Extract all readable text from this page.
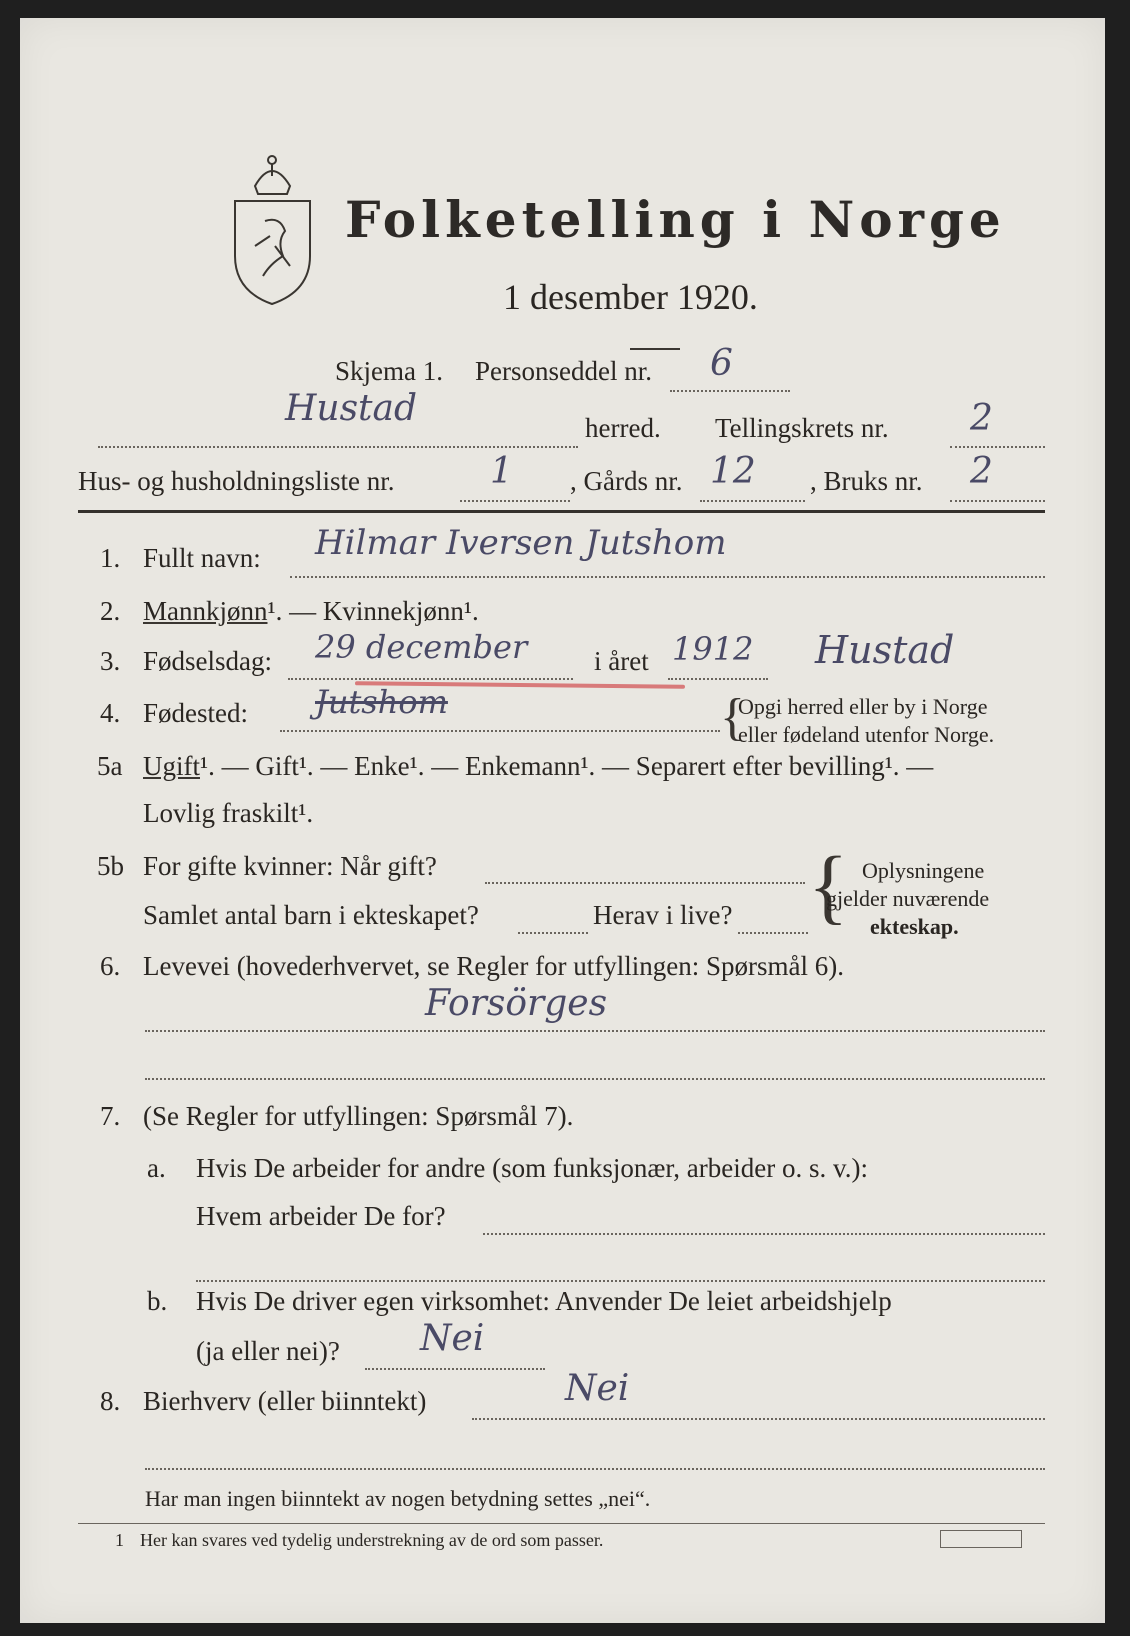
Folketelling i Norge
1 desember 1920.
Skjema 1. Personseddel nr. 6
Hustad	herred. Tellingskrets nr. 2
Hus- og husholdningsliste nr.	1 , Gårds nr. 12 , Bruks nr. 2
1. Fullt navn: Hilmar Iversen Jutshom
2. Mannkjønn¹. — Kvinnekjønn¹.
3. Fødselsdag: 29 december i året 1912 Hustad
4. Fødested: Jutshom	{
Opgi herred eller by i Norge
eller fødeland utenfor Norge.
5a Ugift¹. — Gift¹. — Enke¹. — Enkemann¹. — Separert efter bevilling¹. —
Lovlig fraskilt¹.
5b For gifte kvinner: Når gift?
Samlet antal barn i ekteskapet?	Herav i live? { Oplysningene
gjelder nuværende
ekteskap.
6. Levevei (hovederhvervet, se Regler for utfyllingen: Spørsmål 6).
Forsörges
7. (Se Regler for utfyllingen: Spørsmål 7).
a. Hvis De arbeider for andre (som funksjonær, arbeider o. s. v.):
Hvem arbeider De for?
b. Hvis De driver egen virksomhet: Anvender De leiet arbeidshjelp
(ja eller nei)? Nei
8. Bierhverv (eller biinntekt)	Nei
Har man ingen biinntekt av nogen betydning settes „nei“.
1 Her kan svares ved tydelig understrekning av de ord som passer.
